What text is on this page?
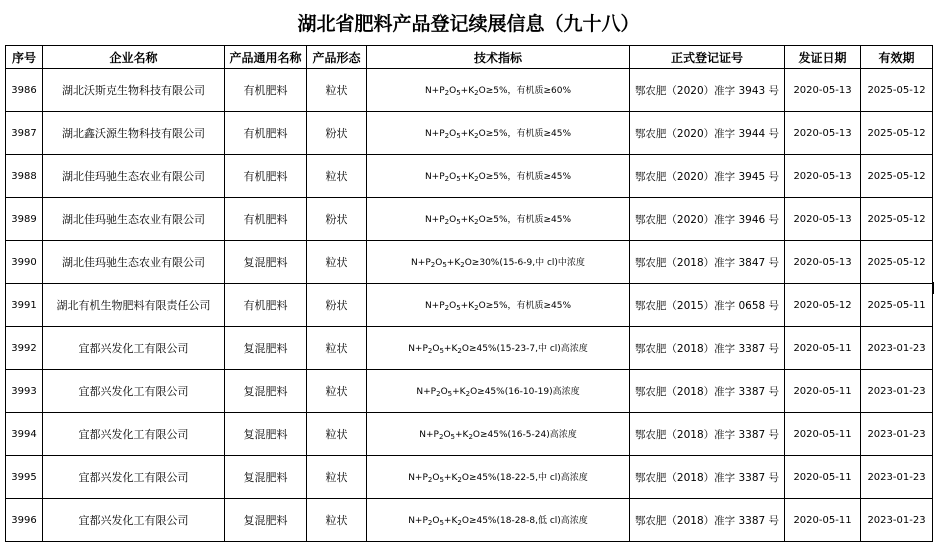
湖北省肥料产品登记续展信息（九十八）
序号	企业名称	产品通用名称	产品形态	技术指标	正式登记证号	发证日期	有效期
3986	湖北沃斯克生物科技有限公司	有机肥料	粒状	$N+P_2O_5+K_2O\ge 5\%$，有机质≥60%	鄂农肥（2020）准字 3943 号	2020-05-13	2025-05-12
3987	湖北鑫沃源生物科技有限公司	有机肥料	粉状	$N+P_2O_5+K_2O\ge 5\%$，有机质≥45%	鄂农肥（2020）准字 3944 号	2020-05-13	2025-05-12
3988	湖北佳玛驰生态农业有限公司	有机肥料	粒状	$N+P_2O_5+K_2O\ge 5\%$，有机质≥45%	鄂农肥（2020）准字 3945 号	2020-05-13	2025-05-12
3989	湖北佳玛驰生态农业有限公司	有机肥料	粉状	$N+P_2O_5+K_2O\ge 5\%$，有机质≥45%	鄂农肥（2020）准字 3946 号	2020-05-13	2025-05-12
3990	湖北佳玛驰生态农业有限公司	复混肥料	粒状	$N+P_2O_5+K_2O\ge 30\%(15-6-9$,中 cl)中浓度	鄂农肥（2018）准字 3847 号	2020-05-13	2025-05-12
3991	湖北有机生物肥料有限责任公司	有机肥料	粉状	$N+P_2O_5+K_2O\ge 5\%$，有机质≥45%	鄂农肥（2015）准字 0658 号	2020-05-12	2025-05-11
3992	宜都兴发化工有限公司	复混肥料	粒状	$N+P_2O_5+K_2O\ge 45\%(15-23-7$,中 cl)高浓度	鄂农肥（2018）准字 3387 号	2020-05-11	2023-01-23
3993	宜都兴发化工有限公司	复混肥料	粒状	$N+P_2O_5+K_2O\ge 45\%(16-10-19)$高浓度	鄂农肥（2018）准字 3387 号	2020-05-11	2023-01-23
3994	宜都兴发化工有限公司	复混肥料	粒状	$N+P_2O_5+K_2O\ge 45\%(16-5-24)$高浓度	鄂农肥（2018）准字 3387 号	2020-05-11	2023-01-23
3995	宜都兴发化工有限公司	复混肥料	粒状	$N+P_2O_5+K_2O\ge 45\%(18-22-5$,中 cl)高浓度	鄂农肥（2018）准字 3387 号	2020-05-11	2023-01-23
3996	宜都兴发化工有限公司	复混肥料	粒状	$N+P_2O_5+K_2O\ge 45\%(18-28-8$,低 cl)高浓度	鄂农肥（2018）准字 3387 号	2020-05-11	2023-01-23
